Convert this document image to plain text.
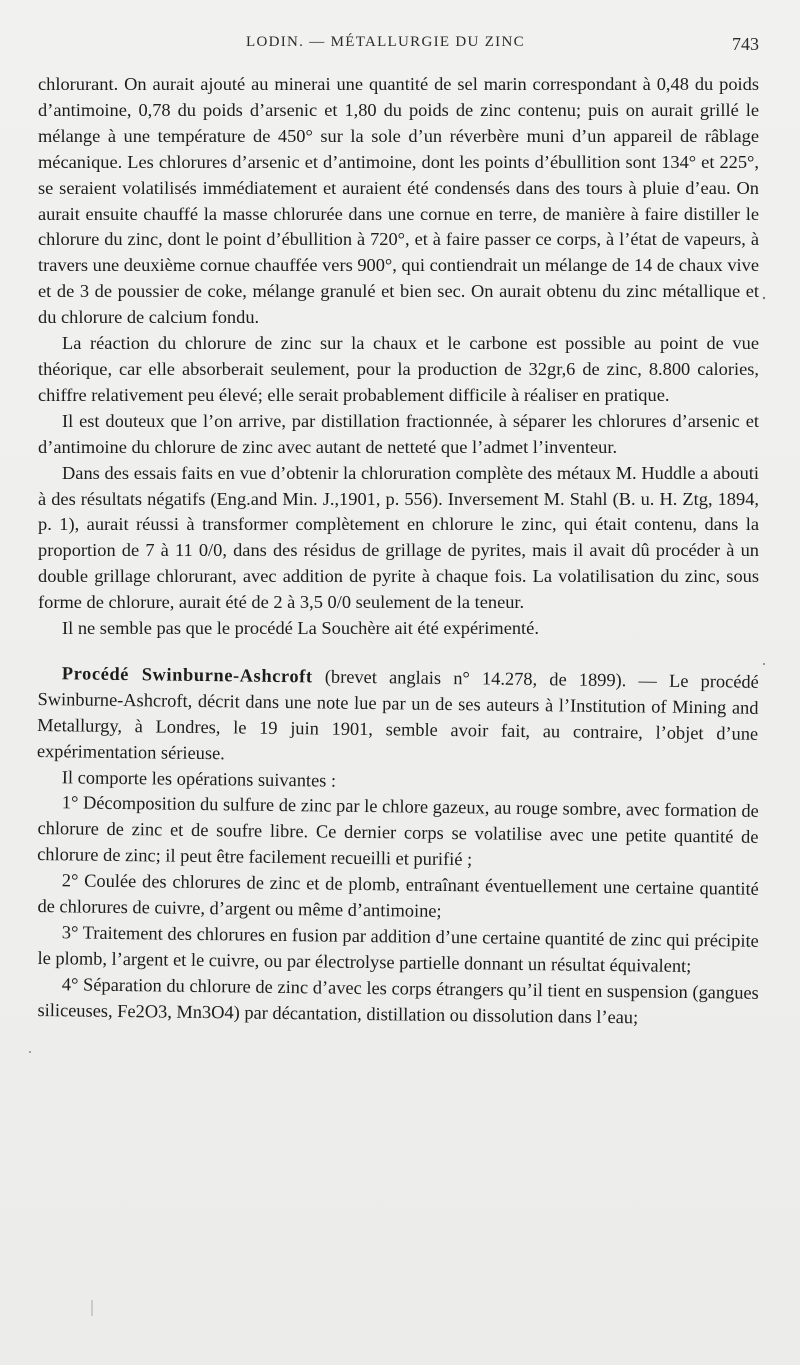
LODIN. — MÉTALLURGIE DU ZINC	743

chlorurant. On aurait ajouté au minerai une quantité de sel marin correspondant à 0,48 du poids d’antimoine, 0,78 du poids d’arsenic et 1,80 du poids de zinc contenu; puis on aurait grillé le mélange à une température de 450° sur la sole d’un réverbère muni d’un appareil de râblage mécanique. Les chlorures d’arsenic et d’antimoine, dont les points d’ébullition sont 134° et 225°, se seraient volatilisés immédiatement et auraient été condensés dans des tours à pluie d’eau. On aurait ensuite chauffé la masse chlorurée dans une cornue en terre, de manière à faire distiller le chlorure du zinc, dont le point d’ébullition à 720°, et à faire passer ce corps, à l’état de vapeurs, à travers une deuxième cornue chauffée vers 900°, qui contiendrait un mélange de 14 de chaux vive et de 3 de poussier de coke, mélange granulé et bien sec. On aurait obtenu du zinc métallique et du chlorure de calcium fondu.

La réaction du chlorure de zinc sur la chaux et le carbone est possible au point de vue théorique, car elle absorberait seulement, pour la production de 32gr,6 de zinc, 8.800 calories, chiffre relativement peu élevé; elle serait probablement difficile à réaliser en pratique.

Il est douteux que l’on arrive, par distillation fractionnée, à séparer les chlorures d’arsenic et d’antimoine du chlorure de zinc avec autant de netteté que l’admet l’inventeur.

Dans des essais faits en vue d’obtenir la chloruration complète des métaux M. Huddle a abouti à des résultats négatifs (Eng.and Min. J.,1901, p. 556). Inversement M. Stahl (B. u. H. Ztg, 1894, p. 1), aurait réussi à transformer complètement en chlorure le zinc, qui était contenu, dans la proportion de 7 à 11 0/0, dans des résidus de grillage de pyrites, mais il avait dû procéder à un double grillage chlorurant, avec addition de pyrite à chaque fois. La volatilisation du zinc, sous forme de chlorure, aurait été de 2 à 3,5 0/0 seulement de la teneur.

Il ne semble pas que le procédé La Souchère ait été expérimenté.

Procédé Swinburne-Ashcroft (brevet anglais n° 14.278, de 1899). — Le procédé Swinburne-Ashcroft, décrit dans une note lue par un de ses auteurs à l’Institution of Mining and Metallurgy, à Londres, le 19 juin 1901, semble avoir fait, au contraire, l’objet d’une expérimentation sérieuse.

Il comporte les opérations suivantes :

1° Décomposition du sulfure de zinc par le chlore gazeux, au rouge sombre, avec formation de chlorure de zinc et de soufre libre. Ce dernier corps se volatilise avec une petite quantité de chlorure de zinc; il peut être facilement recueilli et purifié ;

2° Coulée des chlorures de zinc et de plomb, entraînant éventuellement une certaine quantité de chlorures de cuivre, d’argent ou même d’antimoine;

3° Traitement des chlorures en fusion par addition d’une certaine quantité de zinc qui précipite le plomb, l’argent et le cuivre, ou par électrolyse partielle donnant un résultat équivalent;

4° Séparation du chlorure de zinc d’avec les corps étrangers qu’il tient en suspension (gangues siliceuses, Fe2O3, Mn3O4) par décantation, distillation ou dissolution dans l’eau;
